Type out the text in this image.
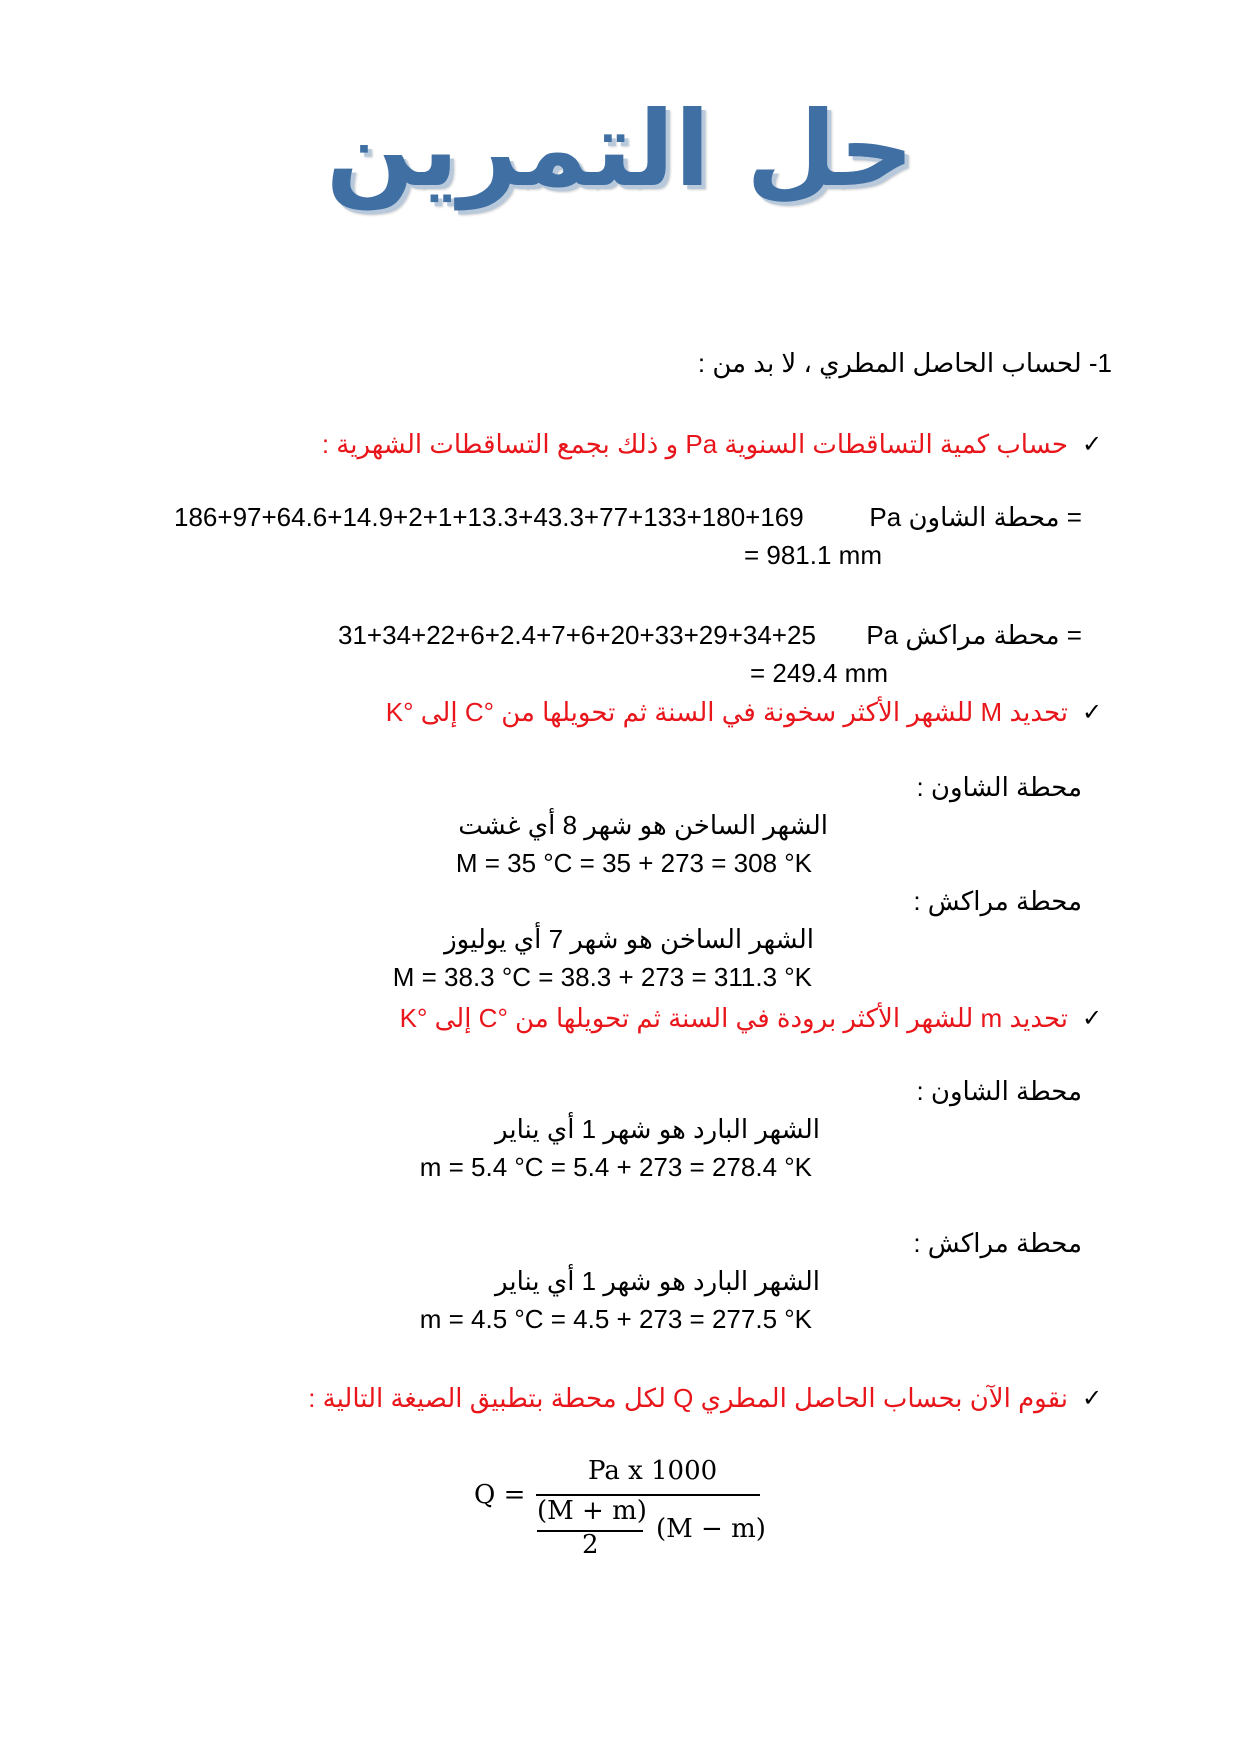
حل التمرين
1- لحساب الحاصل المطري ، لا بد من :
✓
حساب كمية التساقطات السنوية Pa و ذلك بجمع التساقطات الشهرية :
Pa محطة الشاون =
186+97+64.6+14.9+2+1+13.3+43.3+77+133+180+169
= 981.1 mm
Pa محطة مراكش =
31+34+22+6+2.4+7+6+20+33+29+34+25
= 249.4 mm
✓
تحديد M للشهر الأكثر سخونة في السنة ثم تحويلها من °C إلى °K
محطة الشاون :
الشهر الساخن هو شهر 8 أي غشت
M = 35 °C = 35 + 273 = 308 °K
محطة مراكش :
الشهر الساخن هو شهر 7 أي يوليوز
M = 38.3 °C = 38.3 + 273 = 311.3 °K
✓
تحديد m للشهر الأكثر برودة في السنة ثم تحويلها من °C إلى °K
محطة الشاون :
الشهر البارد هو شهر 1 أي يناير
m = 5.4 °C = 5.4 + 273 = 278.4 °K
محطة مراكش :
الشهر البارد هو شهر 1 أي يناير
m = 4.5 °C = 4.5 + 273 = 277.5 °K
✓
نقوم الآن بحساب الحاصل المطري Q لكل محطة بتطبيق الصيغة التالية :
Q =
Pa x 1000
(M + m)
2
(M − m)
